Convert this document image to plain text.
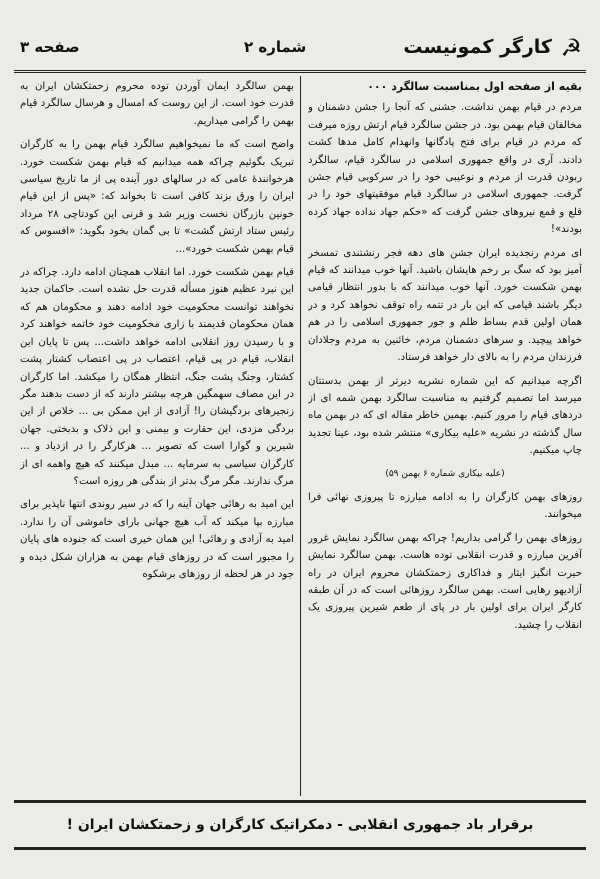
☭
کارگر کمونیست
شماره ۲
صفحه ۳

بقیه از صفحه اول بمناسبت سالگرد ۰۰۰

مردم در قیام بهمن نداشت. جشنی که آنجا را جشن دشمنان و مخالفان قیام بهمن بود. در جشن سالگرد قیام ارتش روزه میرفت که مردم در قیام برای فتح پادگانها وانهدام کامل مدها کشت دادند. آری در واقع جمهوری اسلامی در سالگرد قیام، سالگرد ربودن قدرت از مردم و نوعیبی خود را در سرکوبی قیام جشن گرفت. جمهوری اسلامی در سالگرد قیام موفقیتهای خود را در قلع و قمع نیروهای جشن گرفت که «حکم جهاد نداده جهاد کرده بودند»!

ای مردم رنجدیده ایران جشن های دهه فجر رنشتندی تمسخر آمیز بود که سگ بر رخم هایشان باشید. آنها خوب میدانند که قیام بهمن شکست خورد. آنها خوب میدانند که با بدور انتظار قیامی دیگر باشند قیامی که این بار در تتمه راه توقف نخواهد کرد و در همان اولین قدم بساط ظلم و جور جمهوری اسلامی را در هم خواهد پیچید. و سرهای دشمنان مردم، خائنین به مردم وجلادان فرزندان مردم را به بالای دار خواهد فرستاد.

اگرچه میدانیم که این شماره نشریه دیرتر از بهمن بدستتان میرسد اما تصمیم گرفتیم به مناسبت سالگرد بهمن شمه ای از دردهای قیام را مرور کنیم. بهمین خاطر مقاله ای که در بهمن ماه سال گذشته در نشریه «علیه بیکاری» منتشر شده بود، عینا تجدید چاپ میکنیم.

(علیه بیکاری شماره ۶ بهمن ۵۹)

روزهای بهمن کارگران را به ادامه مبارزه تا پیروزی نهائی فرا میخوانند.

روزهای بهمن را گرامی بداریم! چراکه بهمن سالگرد نمایش غرور آفرین مبارزه و قدرت انقلابی توده هاست. بهمن سالگرد نمایش حیرت انگیز ایثار و فداکاری زحمتکشان محروم ایران در راه آزادیهو رهایی است. بهمن سالگرد روزهائی است که در آن طبقه کارگر ایران برای اولین بار در پای از طعم شیرین پیروزی یک انقلاب را چشید.

بهمن سالگرد ایمان آوردن توده محروم زحمتکشان ایران به قدرت خود است. از این روست که امسال و هرسال سالگرد قیام بهمن را گرامی میداریم.

واضح است که ما نمیخواهیم سالگرد قیام بهمن را به کارگران تبریک بگوئیم چراکه همه میدانیم که قیام بهمن شکست خورد. هرخوانندهٔ عامی که در سالهای دور آینده پی از ما تاریخ سیاسی ایران را ورق بزند کافی است تا بخواند که: «پس از این قیام خونین بازرگان نخست وزیر شد و قرنی این کودتاچی ۲۸ مرداد رئیس ستاد ارتش گشت» تا بی گمان بخود بگوید: «افسوس که قیام بهمن شکست خورد»...

قیام بهمن شکست خورد. اما انقلاب همچنان ادامه دارد. چراکه در این نبرد عظیم هنوز مسأله قدرت حل نشده است. حاکمان جدید نخواهند توانست محکومیت خود ادامه دهند و محکومان هم که همان محکومان قدیمند با زاری محکومیت خود خاتمه خواهند کرد و با رسیدن روز انقلابی ادامه خواهد داشت... پس تا پایان این انقلاب، قیام در پی قیام، اعتصاب در پی اعتصاب کشتار پشت کشتار، وجنگ پشت جنگ، انتظار همگان را میکشد. اما کارگران در این مصاف سهمگین هرچه بیشتر دارند که از دست بدهند مگر زنجیرهای بردگیشان را! آزادی از این ممکن بی ... خلاص از این بردگی مزدی، این حقارت و بیمنی و این ذلاک و بدبختی. جهان شیرین و گوارا است که تصویر ... هرکارگر را در ازدیاد و ... کارگران سیاسی به سرمایه ... مبدل میکنند که هیچ واهمه ای از مرگ ندارند. مگر مرگ بدتر از بندگی هر روزه است؟

این امید به رهائی جهان آینه را که در سیر روندی انتها ناپذیر برای مبارزه بپا میکند که آب هیچ جهانی بارای خاموشی آن را ندارد. امید به آزادی و رهائی! این همان خیری است که جنوده های پایان را مجبور است که در روزهای قیام بهمن به هزاران شکل دیده و جود در هر لحظه از روزهای برشکوه

برقرار باد جمهوری انقلابی - دمکراتیک کارگران و زحمتکشان ایران !
